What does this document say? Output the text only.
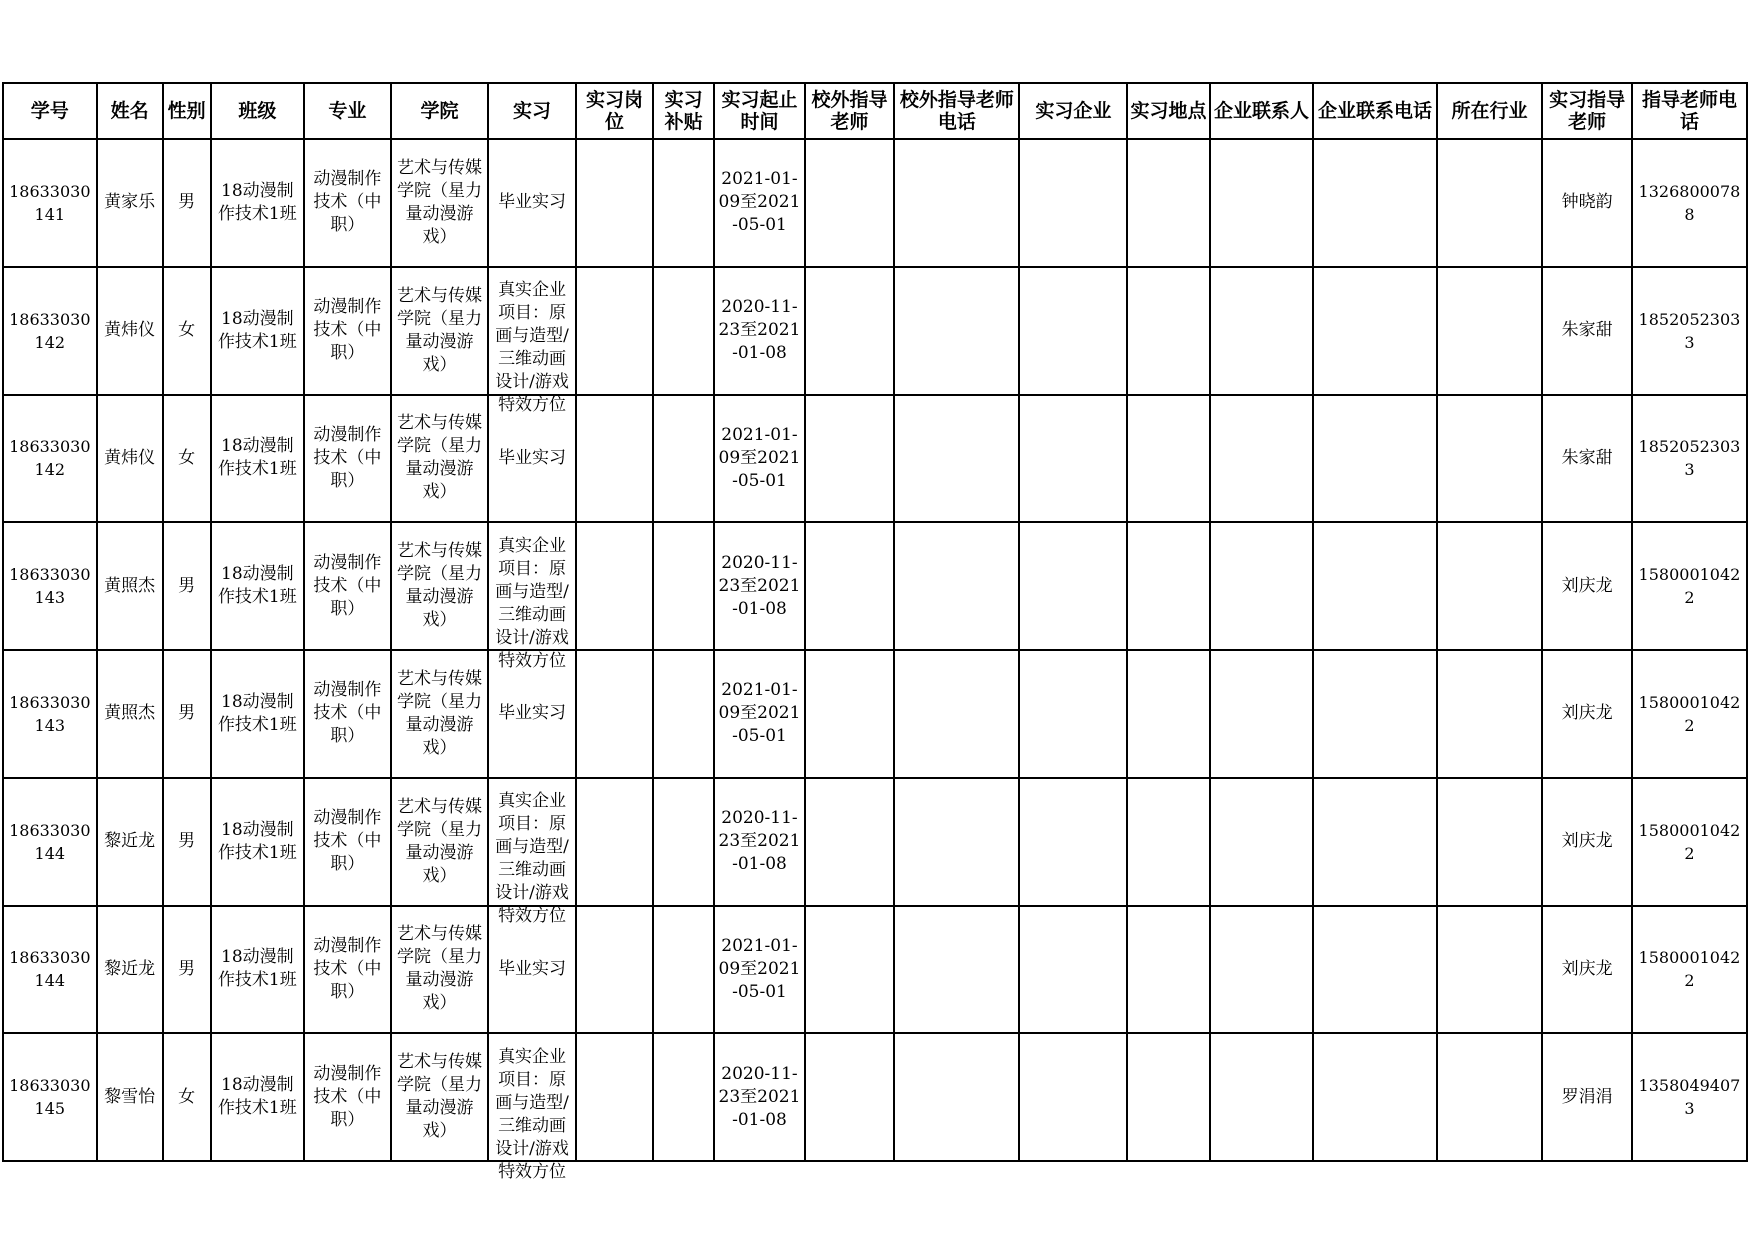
学号	姓名	性别	班级	专业	学院	实习	实习岗位	实习补贴	实习起止时间	校外指导老师	校外指导老师电话	实习企业	实习地点	企业联系人	企业联系电话	所在行业	实习指导老师	指导老师电话

18633030141	黄家乐	男	18动漫制作技术1班	动漫制作技术（中职）	艺术与传媒学院（星力量动漫游戏）	毕业实习			2021-01-09至2021-05-01								钟晓韵	13268000788

18633030142	黄炜仪	女	18动漫制作技术1班	动漫制作技术（中职）	艺术与传媒学院（星力量动漫游戏）	真实企业项目：原画与造型/三维动画设计/游戏特效方位			2020-11-23至2021-01-08								朱家甜	18520523033

18633030142	黄炜仪	女	18动漫制作技术1班	动漫制作技术（中职）	艺术与传媒学院（星力量动漫游戏）	毕业实习			2021-01-09至2021-05-01								朱家甜	18520523033

18633030143	黄照杰	男	18动漫制作技术1班	动漫制作技术（中职）	艺术与传媒学院（星力量动漫游戏）	真实企业项目：原画与造型/三维动画设计/游戏特效方位			2020-11-23至2021-01-08								刘庆龙	15800010422

18633030143	黄照杰	男	18动漫制作技术1班	动漫制作技术（中职）	艺术与传媒学院（星力量动漫游戏）	毕业实习			2021-01-09至2021-05-01								刘庆龙	15800010422

18633030144	黎近龙	男	18动漫制作技术1班	动漫制作技术（中职）	艺术与传媒学院（星力量动漫游戏）	真实企业项目：原画与造型/三维动画设计/游戏特效方位			2020-11-23至2021-01-08								刘庆龙	15800010422

18633030144	黎近龙	男	18动漫制作技术1班	动漫制作技术（中职）	艺术与传媒学院（星力量动漫游戏）	毕业实习			2021-01-09至2021-05-01								刘庆龙	15800010422

18633030145	黎雪怡	女	18动漫制作技术1班	动漫制作技术（中职）	艺术与传媒学院（星力量动漫游戏）	真实企业项目：原画与造型/三维动画设计/游戏特效方位			2020-11-23至2021-01-08								罗涓涓	13580494073
